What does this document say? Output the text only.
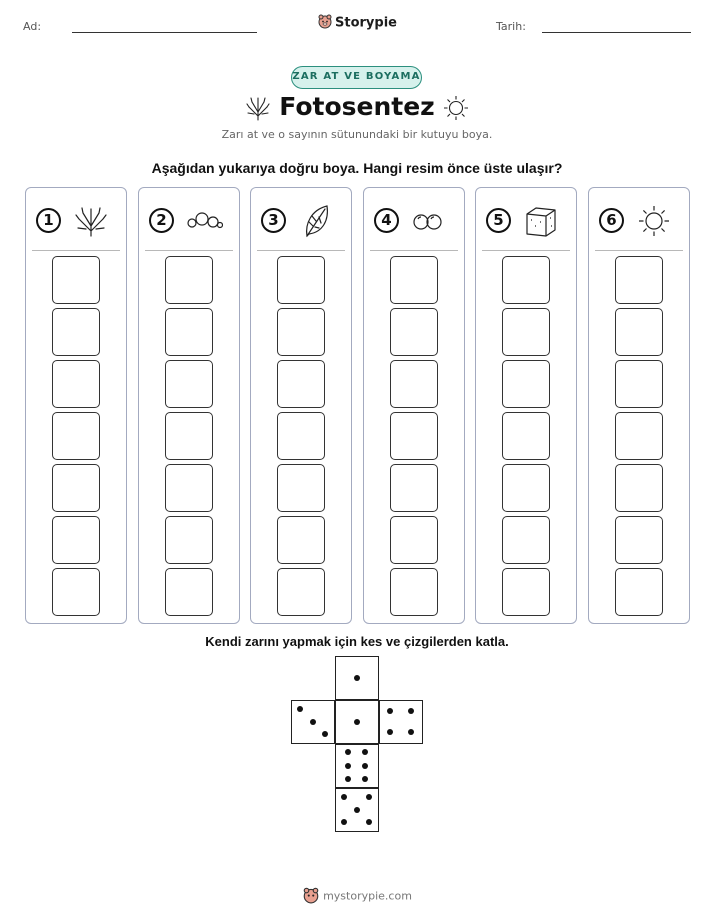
Ad:	Storypie	Tarih:
ZAR AT VE BOYAMA
Fotosentez
Zarı at ve o sayının sütunundaki bir kutuyu boya.
Aşağıdan yukarıya doğru boya. Hangi resim önce üste ulaşır?
1	2	3	4	5	6
Kendi zarını yapmak için kes ve çizgilerden katla.
mystorypie.com
